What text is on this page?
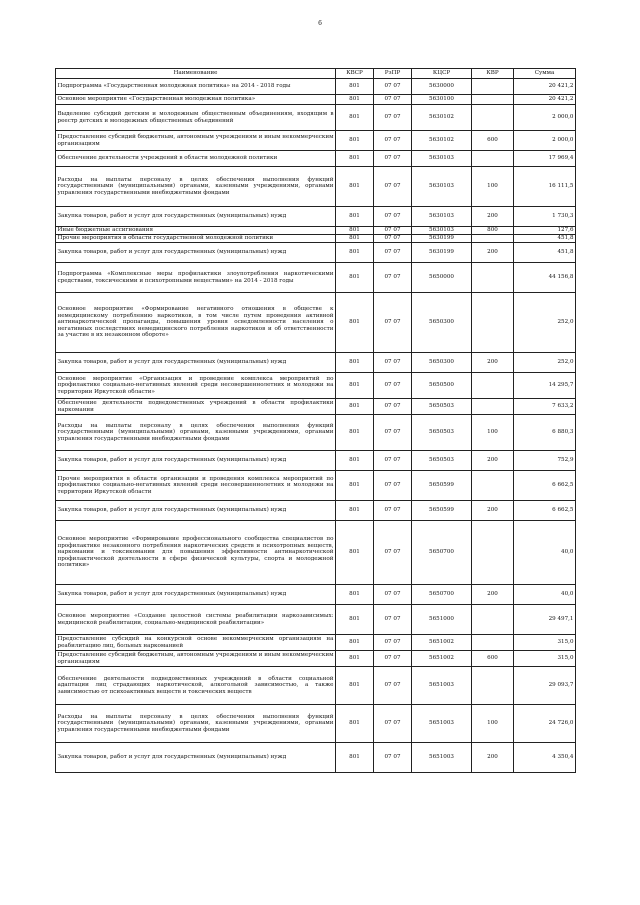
6
Наименование	КВСР	РзПР	КЦСР	КВР	Сумма
Подпрограмма «Государственная молодежная политика» на 2014 - 2018 годы	801	07 07	5630000		20 421,2
Основное мероприятие «Государственная молодежная политика»	801	07 07	5630100		20 421,2
Выделение субсидий детским и молодежным общественным объединениям, входящим в реестр детских и молодежных общественных объединений	801	07 07	5630102		2 000,0
Предоставление субсидий бюджетным, автономным учреждениям и иным некоммерческим организациям	801	07 07	5630102	600	2 000,0
Обеспечение деятельности учреждений в области молодежной политики	801	07 07	5630103		17 969,4
Расходы на выплаты персоналу в целях обеспечения выполнения функций государственными (муниципальными) органами, казенными учреждениями, органами управления государственными внебюджетными фондами	801	07 07	5630103	100	16 111,5
Закупка товаров, работ и услуг для государственных (муниципальных) нужд	801	07 07	5630103	200	1 730,3
Иные бюджетные ассигнования	801	07 07	5630103	800	127,6
Прочие мероприятия в области государственной молодежной политики	801	07 07	5630199		451,8
Закупка товаров, работ и услуг для государственных (муниципальных) нужд	801	07 07	5630199	200	451,8
Подпрограмма «Комплексные меры профилактики злоупотребления наркотическими средствами, токсическими и психотропными веществами» на 2014 - 2018 годы	801	07 07	5650000		44 156,8
Основное мероприятие «Формирование негативного отношения в обществе к немедицинскому потреблению наркотиков, в том числе путем проведения активной антинаркотической пропаганды, повышения уровня осведомленности населения о негативных последствиях немедицинского потребления наркотиков и об ответственности за участие в их незаконном обороте»	801	07 07	5650300		252,0
Закупка товаров, работ и услуг для государственных (муниципальных) нужд	801	07 07	5650300	200	252,0
Основное мероприятие «Организация и проведение комплекса мероприятий по профилактике социально-негативных явлений среди несовершеннолетних и молодежи на территории Иркутской области»	801	07 07	5650500		14 295,7
Обеспечение деятельности подведомственных учреждений в области профилактики наркомании	801	07 07	5650503		7 633,2
Расходы на выплаты персоналу в целях обеспечения выполнения функций государственными (муниципальными) органами, казенными учреждениями, органами управления государственными внебюджетными фондами	801	07 07	5650503	100	6 880,3
Закупка товаров, работ и услуг для государственных (муниципальных) нужд	801	07 07	5650503	200	752,9
Прочие мероприятия в области организации и проведения комплекса мероприятий по профилактике социально-негативных явлений среди несовершеннолетних и молодежи на территории Иркутской области	801	07 07	5650599		6 662,5
Закупка товаров, работ и услуг для государственных (муниципальных) нужд	801	07 07	5650599	200	6 662,5
Основное мероприятие «Формирование профессионального сообщества специалистов по профилактике незаконного потребления наркотических средств и психотропных веществ, наркомании и токсикомании для повышения эффективности антинаркотической профилактической деятельности в сфере физической культуры, спорта и молодежной политики»	801	07 07	5650700		40,0
Закупка товаров, работ и услуг для государственных (муниципальных) нужд	801	07 07	5650700	200	40,0
Основное мероприятие «Создание целостной системы реабилитации наркозависимых: медицинской реабилитации, социально-медицинской реабилитации»	801	07 07	5651000		29 497,1
Предоставление субсидий на конкурсной основе некоммерческим организациям на реабилитацию лиц, больных наркоманией	801	07 07	5651002		315,0
Предоставление субсидий бюджетным, автономным учреждениям и иным некоммерческим организациям	801	07 07	5651002	600	315,0
Обеспечение деятельности подведомственных учреждений в области социальной адаптации лиц страдающих наркотической, алкогольной зависимостью, а также зависимостью от психоактивных веществ и токсических веществ	801	07 07	5651003		29 093,7
Расходы на выплаты персоналу в целях обеспечения выполнения функций государственными (муниципальными) органами, казенными учреждениями, органами управления государственными внебюджетными фондами	801	07 07	5651003	100	24 726,0
Закупка товаров, работ и услуг для государственных (муниципальных) нужд	801	07 07	5651003	200	4 350,4
